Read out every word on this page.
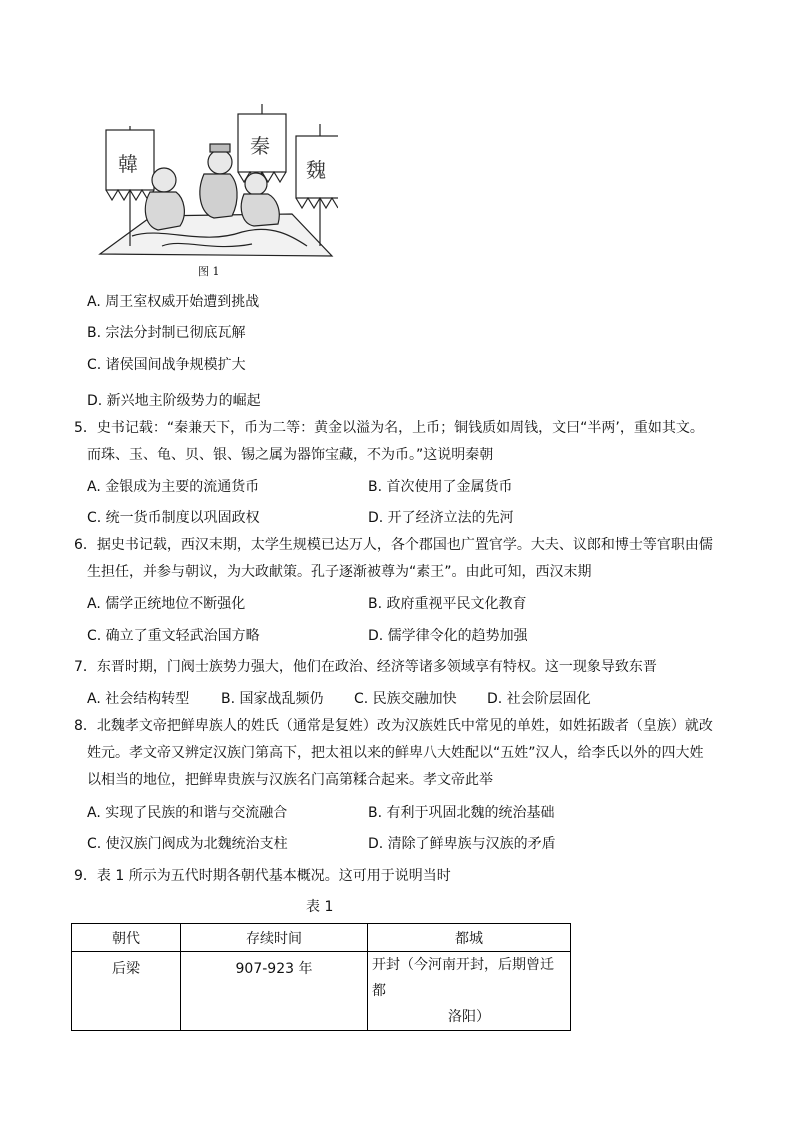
韓
秦
魏
图 1
A. 周王室权威开始遭到挑战
B. 宗法分封制已彻底瓦解
C. 诸侯国间战争规模扩大
D. 新兴地主阶级势力的崛起
5．史书记载：“秦兼天下，币为二等：黄金以溢为名，上币；铜钱质如周钱，文曰“半两’，重如其文。
而珠、玉、龟、贝、银、锡之属为器饰宝藏，不为币。”这说明秦朝
A. 金银成为主要的流通货币	B. 首次使用了金属货币
C. 统一货币制度以巩固政权	D. 开了经济立法的先河
6．据史书记载，西汉末期，太学生规模已达万人，各个郡国也广置官学。大夫、议郎和博士等官职由儒
生担任，并参与朝议，为大政献策。孔子逐渐被尊为“素王”。由此可知，西汉末期
A. 儒学正统地位不断强化	B. 政府重视平民文化教育
C. 确立了重文轻武治国方略	D. 儒学律令化的趋势加强
7．东晋时期，门阀士族势力强大，他们在政治、经济等诸多领域享有特权。这一现象导致东晋
A. 社会结构转型 B. 国家战乱频仍 C. 民族交融加快 D. 社会阶层固化
8．北魏孝文帝把鲜卑族人的姓氏（通常是复姓）改为汉族姓氏中常见的单姓，如姓拓跋者（皇族）就改
姓元。孝文帝又辨定汉族门第高下，把太祖以来的鲜卑八大姓配以“五姓”汉人，给李氏以外的四大姓
以相当的地位，把鲜卑贵族与汉族名门高第糅合起来。孝文帝此举
A. 实现了民族的和谐与交流融合	B. 有利于巩固北魏的统治基础
C. 使汉族门阀成为北魏统治支柱	D. 清除了鲜卑族与汉族的矛盾
9．表 1 所示为五代时期各朝代基本概况。这可用于说明当时
表 1
朝代	存续时间	都城
后梁	907-923 年	开封（今河南开封，后期曾迁都
洛阳）
